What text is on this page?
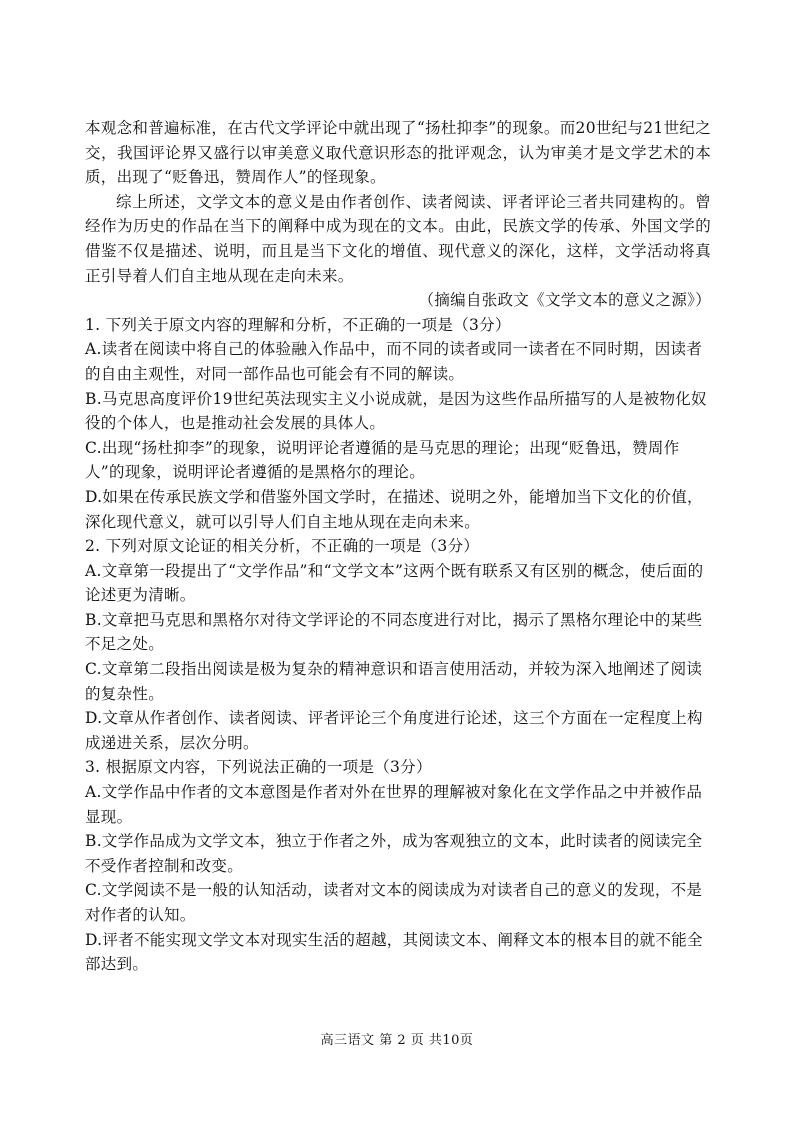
本观念和普遍标准，在古代文学评论中就出现了“扬杜抑李”的现象。而20世纪与21世纪之交，我国评论界又盛行以审美意义取代意识形态的批评观念，认为审美才是文学艺术的本质，出现了“贬鲁迅，赞周作人”的怪现象。

综上所述，文学文本的意义是由作者创作、读者阅读、评者评论三者共同建构的。曾经作为历史的作品在当下的阐释中成为现在的文本。由此，民族文学的传承、外国文学的借鉴不仅是描述、说明，而且是当下文化的增值、现代意义的深化，这样，文学活动将真正引导着人们自主地从现在走向未来。

（摘编自张政文《文学文本的意义之源》）

1. 下列关于原文内容的理解和分析，不正确的一项是（3分）

A.读者在阅读中将自己的体验融入作品中，而不同的读者或同一读者在不同时期，因读者的自由主观性，对同一部作品也可能会有不同的解读。

B.马克思高度评价19世纪英法现实主义小说成就，是因为这些作品所描写的人是被物化奴役的个体人，也是推动社会发展的具体人。

C.出现“扬杜抑李”的现象，说明评论者遵循的是马克思的理论；出现“贬鲁迅，赞周作人”的现象，说明评论者遵循的是黑格尔的理论。

D.如果在传承民族文学和借鉴外国文学时，在描述、说明之外，能增加当下文化的价值，深化现代意义，就可以引导人们自主地从现在走向未来。

2. 下列对原文论证的相关分析，不正确的一项是（3分）

A.文章第一段提出了“文学作品”和“文学文本”这两个既有联系又有区别的概念，使后面的论述更为清晰。

B.文章把马克思和黑格尔对待文学评论的不同态度进行对比，揭示了黑格尔理论中的某些不足之处。

C.文章第二段指出阅读是极为复杂的精神意识和语言使用活动，并较为深入地阐述了阅读的复杂性。

D.文章从作者创作、读者阅读、评者评论三个角度进行论述，这三个方面在一定程度上构成递进关系，层次分明。

3. 根据原文内容，下列说法正确的一项是（3分）

A.文学作品中作者的文本意图是作者对外在世界的理解被对象化在文学作品之中并被作品显现。

B.文学作品成为文学文本，独立于作者之外，成为客观独立的文本，此时读者的阅读完全不受作者控制和改变。

C.文学阅读不是一般的认知活动，读者对文本的阅读成为对读者自己的意义的发现，不是对作者的认知。

D.评者不能实现文学文本对现实生活的超越，其阅读文本、阐释文本的根本目的就不能全部达到。

高三语文 第 2 页 共10页
